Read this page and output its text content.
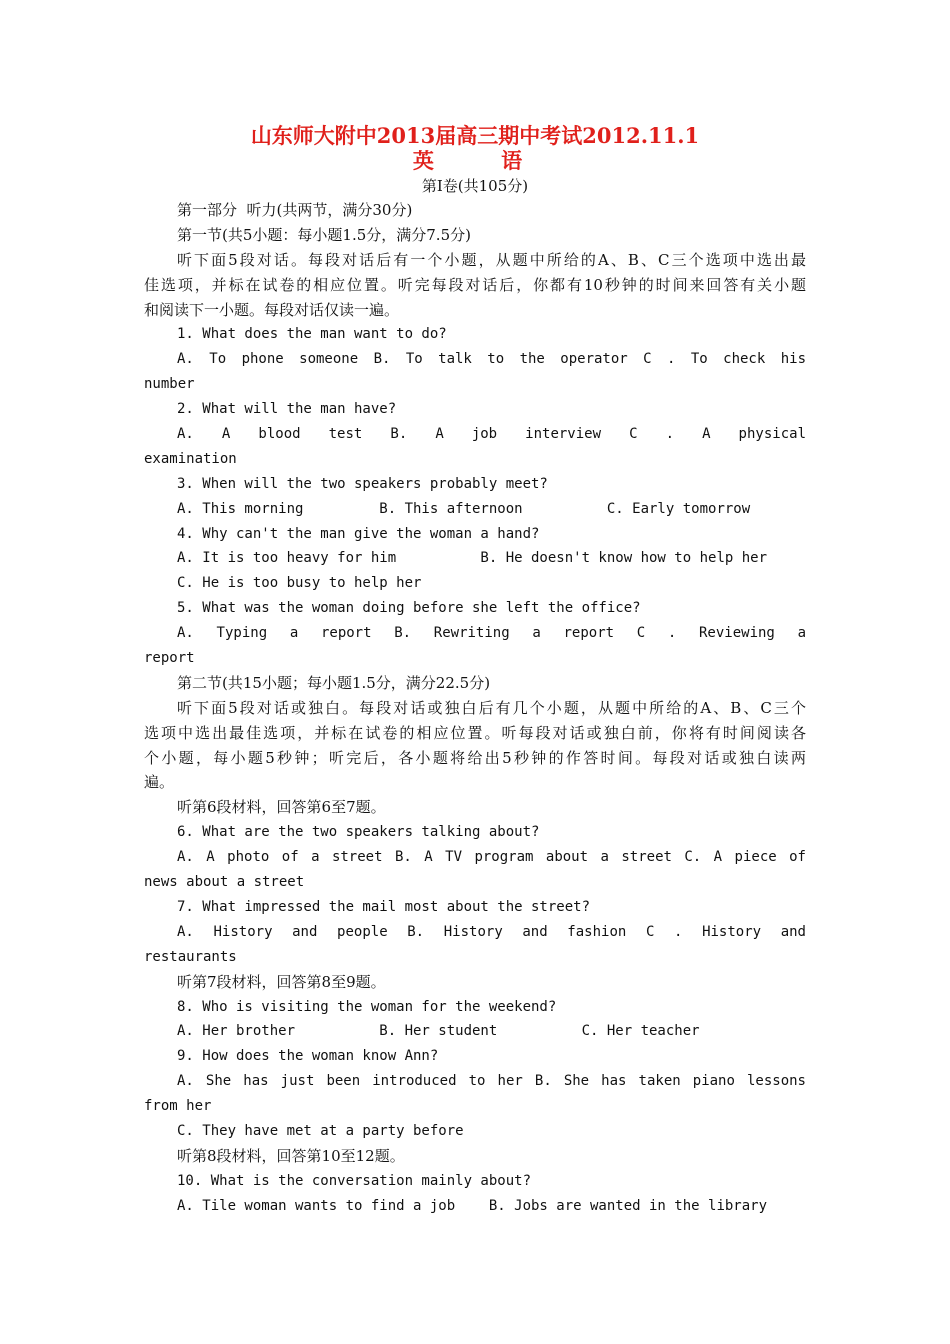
山东师大附中2013届高三期中考试2012.11.1
英 语
第Ⅰ卷(共105分)
第一部分  听力(共两节，满分30分)
第一节(共5小题：每小题1.5分，满分7.5分)
听下面5段对话。每段对话后有一个小题，从题中所给的A、B、C三个选项中选出最
佳选项，并标在试卷的相应位置。听完每段对话后，你都有10秒钟的时间来回答有关小题
和阅读下一小题。每段对话仅读一遍。
1. What does the man want to do?
A. To phone someone B. To talk to the operator C . To check his
number
2. What will the man have?
A. A blood test B. A job interview C . A physical
examination
3. When will the two speakers probably meet?
A. This morning         B. This afternoon          C. Early tomorrow
4. Why can't the man give the woman a hand?
A. It is too heavy for him          B. He doesn't know how to help her
C. He is too busy to help her
5. What was the woman doing before she left the office?
A. Typing a report B. Rewriting a report C . Reviewing a
report
第二节(共15小题；每小题1.5分，满分22.5分)
听下面5段对话或独白。每段对话或独白后有几个小题，从题中所给的A、B、C三个
选项中选出最佳选项，并标在试卷的相应位置。听每段对话或独白前，你将有时间阅读各
个小题，每小题5秒钟；听完后，各小题将给出5秒钟的作答时间。每段对话或独白读两
遍。
听第6段材料，回答第6至7题。
6. What are the two speakers talking about?
A. A photo of a street B. A TV program about a street C. A piece of
news about a street
7. What impressed the mail most about the street?
A. History and people B. History and fashion C . History and
restaurants
听第7段材料，回答第8至9题。
8. Who is visiting the woman for the weekend?
A. Her brother          B. Her student          C. Her teacher
9. How does the woman know Ann?
A. She has just been introduced to her B. She has taken piano lessons
from her
C. They have met at a party before
听第8段材料，回答第10至12题。
10. What is the conversation mainly about?
A. Tile woman wants to find a job    B. Jobs are wanted in the library
